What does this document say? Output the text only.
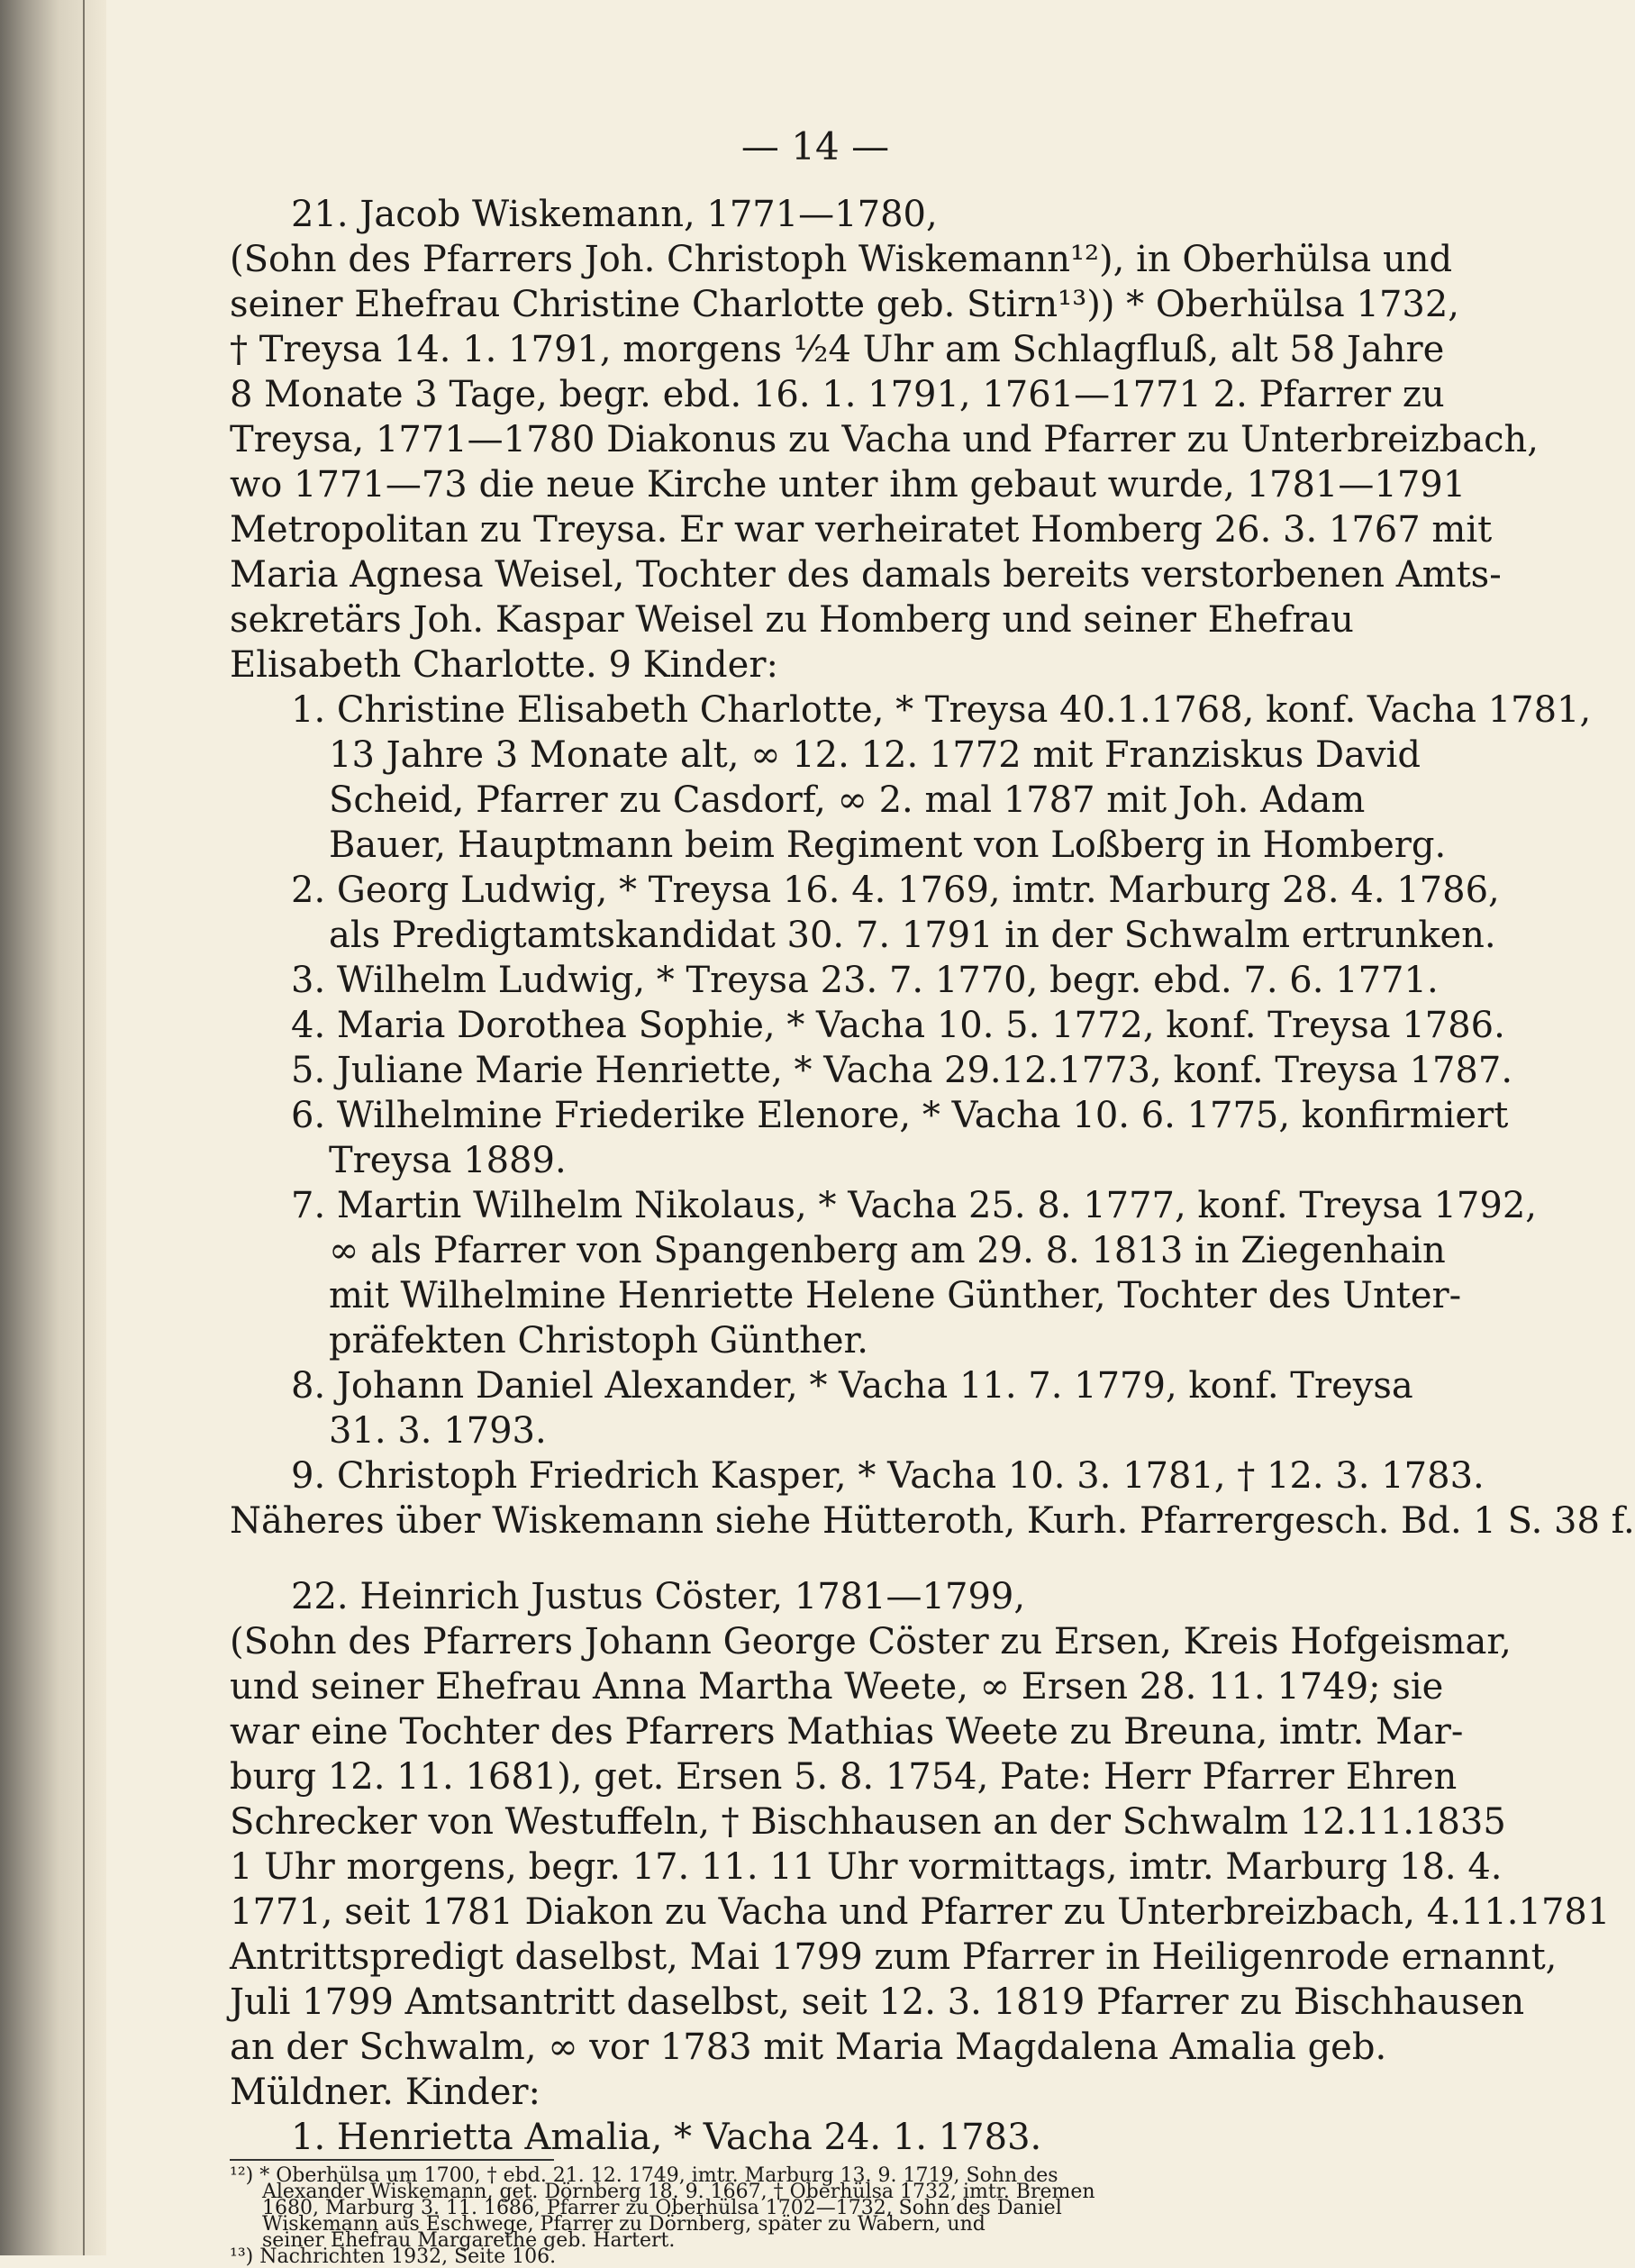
— 14 —
21. Jacob Wiskemann, 1771—1780,
(Sohn des Pfarrers Joh. Christoph Wiskemann¹²), in Oberhülsa und
seiner Ehefrau Christine Charlotte geb. Stirn¹³)) * Oberhülsa 1732,
† Treysa 14. 1. 1791, morgens ½4 Uhr am Schlagfluß, alt 58 Jahre
8 Monate 3 Tage, begr. ebd. 16. 1. 1791, 1761—1771 2. Pfarrer zu
Treysa, 1771—1780 Diakonus zu Vacha und Pfarrer zu Unterbreizbach,
wo 1771—73 die neue Kirche unter ihm gebaut wurde, 1781—1791
Metropolitan zu Treysa. Er war verheiratet Homberg 26. 3. 1767 mit
Maria Agnesa Weisel, Tochter des damals bereits verstorbenen Amts-
sekretärs Joh. Kaspar Weisel zu Homberg und seiner Ehefrau
Elisabeth Charlotte. 9 Kinder:
1. Christine Elisabeth Charlotte, * Treysa 40.1.1768, konf. Vacha 1781,
13 Jahre 3 Monate alt, ∞ 12. 12. 1772 mit Franziskus David
Scheid, Pfarrer zu Casdorf, ∞ 2. mal 1787 mit Joh. Adam
Bauer, Hauptmann beim Regiment von Loßberg in Homberg.
2. Georg Ludwig, * Treysa 16. 4. 1769, imtr. Marburg 28. 4. 1786,
als Predigtamtskandidat 30. 7. 1791 in der Schwalm ertrunken.
3. Wilhelm Ludwig, * Treysa 23. 7. 1770, begr. ebd. 7. 6. 1771.
4. Maria Dorothea Sophie, * Vacha 10. 5. 1772, konf. Treysa 1786.
5. Juliane Marie Henriette, * Vacha 29.12.1773, konf. Treysa 1787.
6. Wilhelmine Friederike Elenore, * Vacha 10. 6. 1775, konfirmiert
Treysa 1889.
7. Martin Wilhelm Nikolaus, * Vacha 25. 8. 1777, konf. Treysa 1792,
∞ als Pfarrer von Spangenberg am 29. 8. 1813 in Ziegenhain
mit Wilhelmine Henriette Helene Günther, Tochter des Unter-
präfekten Christoph Günther.
8. Johann Daniel Alexander, * Vacha 11. 7. 1779, konf. Treysa
31. 3. 1793.
9. Christoph Friedrich Kasper, * Vacha 10. 3. 1781, † 12. 3. 1783.
Näheres über Wiskemann siehe Hütteroth, Kurh. Pfarrergesch. Bd. 1 S. 38 f.
22. Heinrich Justus Cöster, 1781—1799,
(Sohn des Pfarrers Johann George Cöster zu Ersen, Kreis Hofgeismar,
und seiner Ehefrau Anna Martha Weete, ∞ Ersen 28. 11. 1749; sie
war eine Tochter des Pfarrers Mathias Weete zu Breuna, imtr. Mar-
burg 12. 11. 1681), get. Ersen 5. 8. 1754, Pate: Herr Pfarrer Ehren
Schrecker von Westuffeln, † Bischhausen an der Schwalm 12.11.1835
1 Uhr morgens, begr. 17. 11. 11 Uhr vormittags, imtr. Marburg 18. 4.
1771, seit 1781 Diakon zu Vacha und Pfarrer zu Unterbreizbach, 4.11.1781
Antrittspredigt daselbst, Mai 1799 zum Pfarrer in Heiligenrode ernannt,
Juli 1799 Amtsantritt daselbst, seit 12. 3. 1819 Pfarrer zu Bischhausen
an der Schwalm, ∞ vor 1783 mit Maria Magdalena Amalia geb.
Müldner. Kinder:
1. Henrietta Amalia, * Vacha 24. 1. 1783.
¹²) * Oberhülsa um 1700, † ebd. 21. 12. 1749, imtr. Marburg 13. 9. 1719, Sohn des
Alexander Wiskemann, get. Dörnberg 18. 9. 1667, † Oberhülsa 1732, imtr. Bremen
1680, Marburg 3. 11. 1686, Pfarrer zu Oberhülsa 1702—1732, Sohn des Daniel
Wiskemann aus Eschwege, Pfarrer zu Dörnberg, später zu Wabern, und
seiner Ehefrau Margarethe geb. Hartert.
¹³) Nachrichten 1932, Seite 106.
